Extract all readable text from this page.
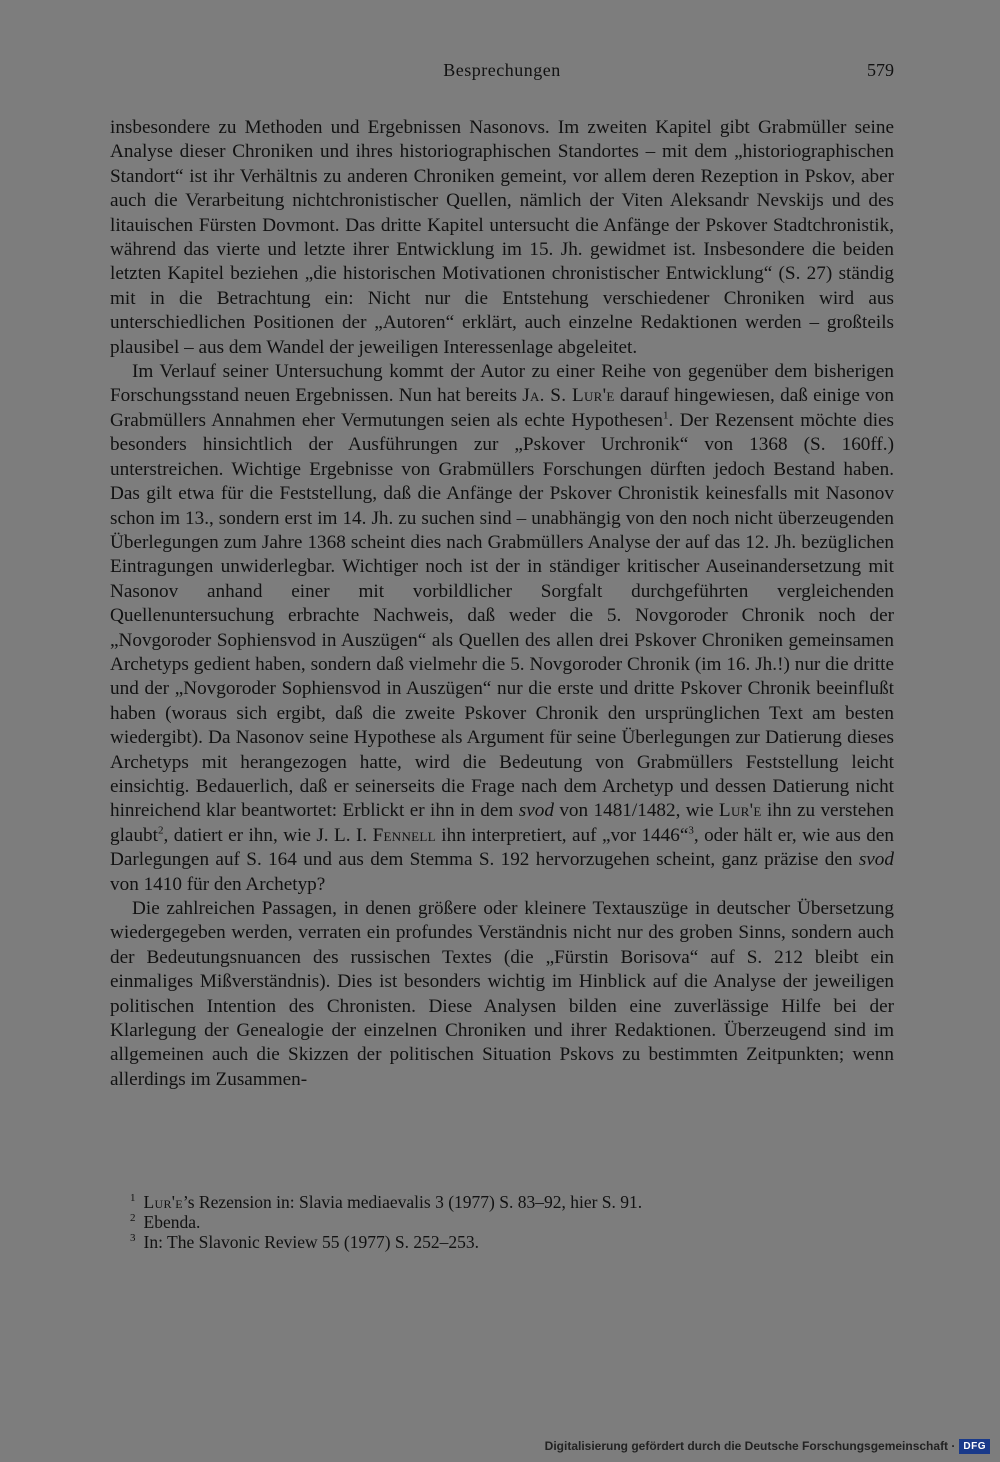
Besprechungen	579

insbesondere zu Methoden und Ergebnissen Nasonovs. Im zweiten Kapitel gibt Grabmüller seine Analyse dieser Chroniken und ihres historiographischen Standortes – mit dem „historiographischen Standort“ ist ihr Verhältnis zu anderen Chroniken gemeint, vor allem deren Rezeption in Pskov, aber auch die Verarbeitung nichtchronistischer Quellen, nämlich der Viten Aleksandr Nevskijs und des litauischen Fürsten Dovmont. Das dritte Kapitel untersucht die Anfänge der Pskover Stadtchronistik, während das vierte und letzte ihrer Entwicklung im 15. Jh. gewidmet ist. Insbesondere die beiden letzten Kapitel beziehen „die historischen Motivationen chronistischer Entwicklung“ (S. 27) ständig mit in die Betrachtung ein: Nicht nur die Entstehung verschiedener Chroniken wird aus unterschiedlichen Positionen der „Autoren“ erklärt, auch einzelne Redaktionen werden – großteils plausibel – aus dem Wandel der jeweiligen Interessenlage abgeleitet.

Im Verlauf seiner Untersuchung kommt der Autor zu einer Reihe von gegenüber dem bisherigen Forschungsstand neuen Ergebnissen. Nun hat bereits Ja. S. Lur'e darauf hingewiesen, daß einige von Grabmüllers Annahmen eher Vermutungen seien als echte Hypothesen$^1$. Der Rezensent möchte dies besonders hinsichtlich der Ausführungen zur „Pskover Urchronik“ von 1368 (S. 160ff.) unterstreichen. Wichtige Ergebnisse von Grabmüllers Forschungen dürften jedoch Bestand haben. Das gilt etwa für die Feststellung, daß die Anfänge der Pskover Chronistik keinesfalls mit Nasonov schon im 13., sondern erst im 14. Jh. zu suchen sind – unabhängig von den noch nicht überzeugenden Überlegungen zum Jahre 1368 scheint dies nach Grabmüllers Analyse der auf das 12. Jh. bezüglichen Eintragungen unwiderlegbar. Wichtiger noch ist der in ständiger kritischer Auseinandersetzung mit Nasonov anhand einer mit vorbildlicher Sorgfalt durchgeführten vergleichenden Quellenuntersuchung erbrachte Nachweis, daß weder die 5. Novgoroder Chronik noch der „Novgoroder Sophiensvod in Auszügen“ als Quellen des allen drei Pskover Chroniken gemeinsamen Archetyps gedient haben, sondern daß vielmehr die 5. Novgoroder Chronik (im 16. Jh.!) nur die dritte und der „Novgoroder Sophiensvod in Auszügen“ nur die erste und dritte Pskover Chronik beeinflußt haben (woraus sich ergibt, daß die zweite Pskover Chronik den ursprünglichen Text am besten wiedergibt). Da Nasonov seine Hypothese als Argument für seine Überlegungen zur Datierung dieses Archetyps mit herangezogen hatte, wird die Bedeutung von Grabmüllers Feststellung leicht einsichtig. Bedauerlich, daß er seinerseits die Frage nach dem Archetyp und dessen Datierung nicht hinreichend klar beantwortet: Erblickt er ihn in dem svod von 1481/1482, wie Lur'e ihn zu verstehen glaubt$^2$, datiert er ihn, wie J. L. I. Fennell ihn interpretiert, auf „vor 1446“$^3$, oder hält er, wie aus den Darlegungen auf S. 164 und aus dem Stemma S. 192 hervorzugehen scheint, ganz präzise den svod von 1410 für den Archetyp?

Die zahlreichen Passagen, in denen größere oder kleinere Textauszüge in deutscher Übersetzung wiedergegeben werden, verraten ein profundes Verständnis nicht nur des groben Sinns, sondern auch der Bedeutungsnuancen des russischen Textes (die „Fürstin Borisova“ auf S. 212 bleibt ein einmaliges Mißverständnis). Dies ist besonders wichtig im Hinblick auf die Analyse der jeweiligen politischen Intention des Chronisten. Diese Analysen bilden eine zuverlässige Hilfe bei der Klarlegung der Genealogie der einzelnen Chroniken und ihrer Redaktionen. Überzeugend sind im allgemeinen auch die Skizzen der politischen Situation Pskovs zu bestimmten Zeitpunkten; wenn allerdings im Zusammen-

$^1$ Lur'e’s Rezension in: Slavia mediaevalis 3 (1977) S. 83–92, hier S. 91.

$^2$ Ebenda.

$^3$ In: The Slavonic Review 55 (1977) S. 252–253.

Digitalisierung gefördert durch die Deutsche Forschungsgemeinschaft · DFG
